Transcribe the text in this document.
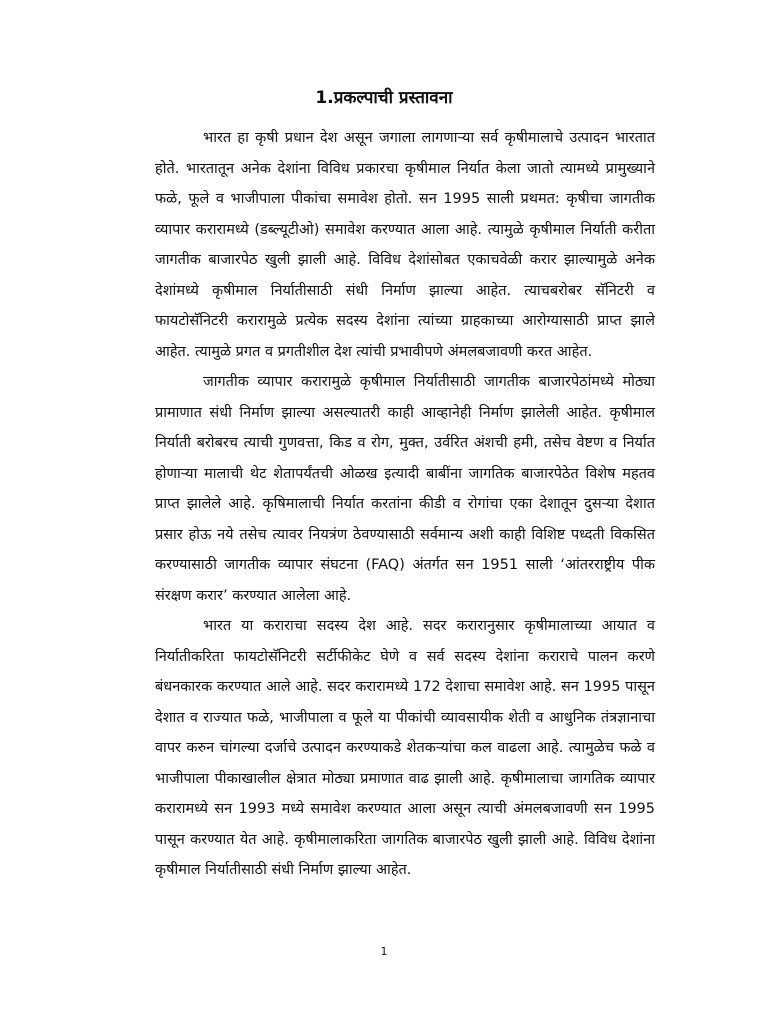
1.प्रकल्पाची प्रस्तावना

भारत हा कृषी प्रधान देश असून जगाला लागणाऱ्या सर्व कृषीमालाचे उत्पादन भारतात होते. भारतातून अनेक देशांना विविध प्रकारचा कृषीमाल निर्यात केला जातो त्यामध्ये प्रामुख्याने फळे, फूले व भाजीपाला पीकांचा समावेश होतो. सन 1995 साली प्रथमत: कृषीचा जागतीक व्यापार करारामध्ये (डब्ल्यूटीओ) समावेश करण्यात आला आहे. त्यामुळे कृषीमाल निर्याती करीता जागतीक बाजारपेठ खुली झाली आहे. विविध देशांसोबत एकाचवेळी करार झाल्यामुळे अनेक देशांमध्ये कृषीमाल निर्यातीसाठी संधी निर्माण झाल्या आहेत. त्याचबरोबर सॅनिटरी व फायटोसॅनिटरी करारामुळे प्रत्येक सदस्य देशांना त्यांच्या ग्राहकाच्या आरोग्यासाठी प्राप्त झाले आहेत. त्यामुळे प्रगत व प्रगतीशील देश त्यांची प्रभावीपणे अंमलबजावणी करत आहेत.

जागतीक व्यापार करारामुळे कृषीमाल निर्यातीसाठी जागतीक बाजारपेठांमध्ये मोठ्या प्रामाणात संधी निर्माण झाल्या असल्यातरी काही आव्हानेही निर्माण झालेली आहेत. कृषीमाल निर्याती बरोबरच त्याची गुणवत्ता, किड व रोग, मुक्त, उर्वरित अंशची हमी, तसेच वेष्टण व निर्यात होणाऱ्या मालाची थेट शेतापर्यंतची ओळख इत्यादी बाबींना जागतिक बाजारपेठेत विशेष महतव प्राप्त झालेले आहे. कृषिमालाची निर्यात करतांना कीडी व रोगांचा एका देशातून दुसऱ्या देशात प्रसार होऊ नये तसेच त्यावर नियत्रंण ठेवण्यासाठी सर्वमान्य अशी काही विशिष्ट पध्दती विकसित करण्यासाठी जागतीक व्यापार संघटना (FAQ) अंतर्गत सन 1951 साली ‘आंतरराष्ट्रीय पीक संरक्षण करार’ करण्यात आलेला आहे.

भारत या कराराचा सदस्य देश आहे. सदर करारानुसार कृषीमालाच्या आयात व निर्यातीकरिता फायटोसॅनिटरी सर्टीफीकेट घेणे व सर्व सदस्य देशांना कराराचे पालन करणे बंधनकारक करण्यात आले आहे. सदर करारामध्ये 172 देशाचा समावेश आहे. सन 1995 पासून देशात व राज्यात फळे, भाजीपाला व फूले या पीकांची व्यावसायीक शेती व आधुनिक तंत्रज्ञानाचा वापर करुन चांगल्या दर्जाचे उत्पादन करण्याकडे शेतकऱ्यांचा कल वाढला आहे. त्यामुळेच फळे व भाजीपाला पीकाखालील क्षेत्रात मोठ्या प्रमाणात वाढ झाली आहे. कृषीमालाचा जागतिक व्यापार करारामध्ये सन 1993 मध्ये समावेश करण्यात आला असून त्याची अंमलबजावणी सन 1995 पासून करण्यात येत आहे. कृषीमालाकरिता जागतिक बाजारपेठ खुली झाली आहे. विविध देशांना कृषीमाल निर्यातीसाठी संधी निर्माण झाल्या आहेत.

1
